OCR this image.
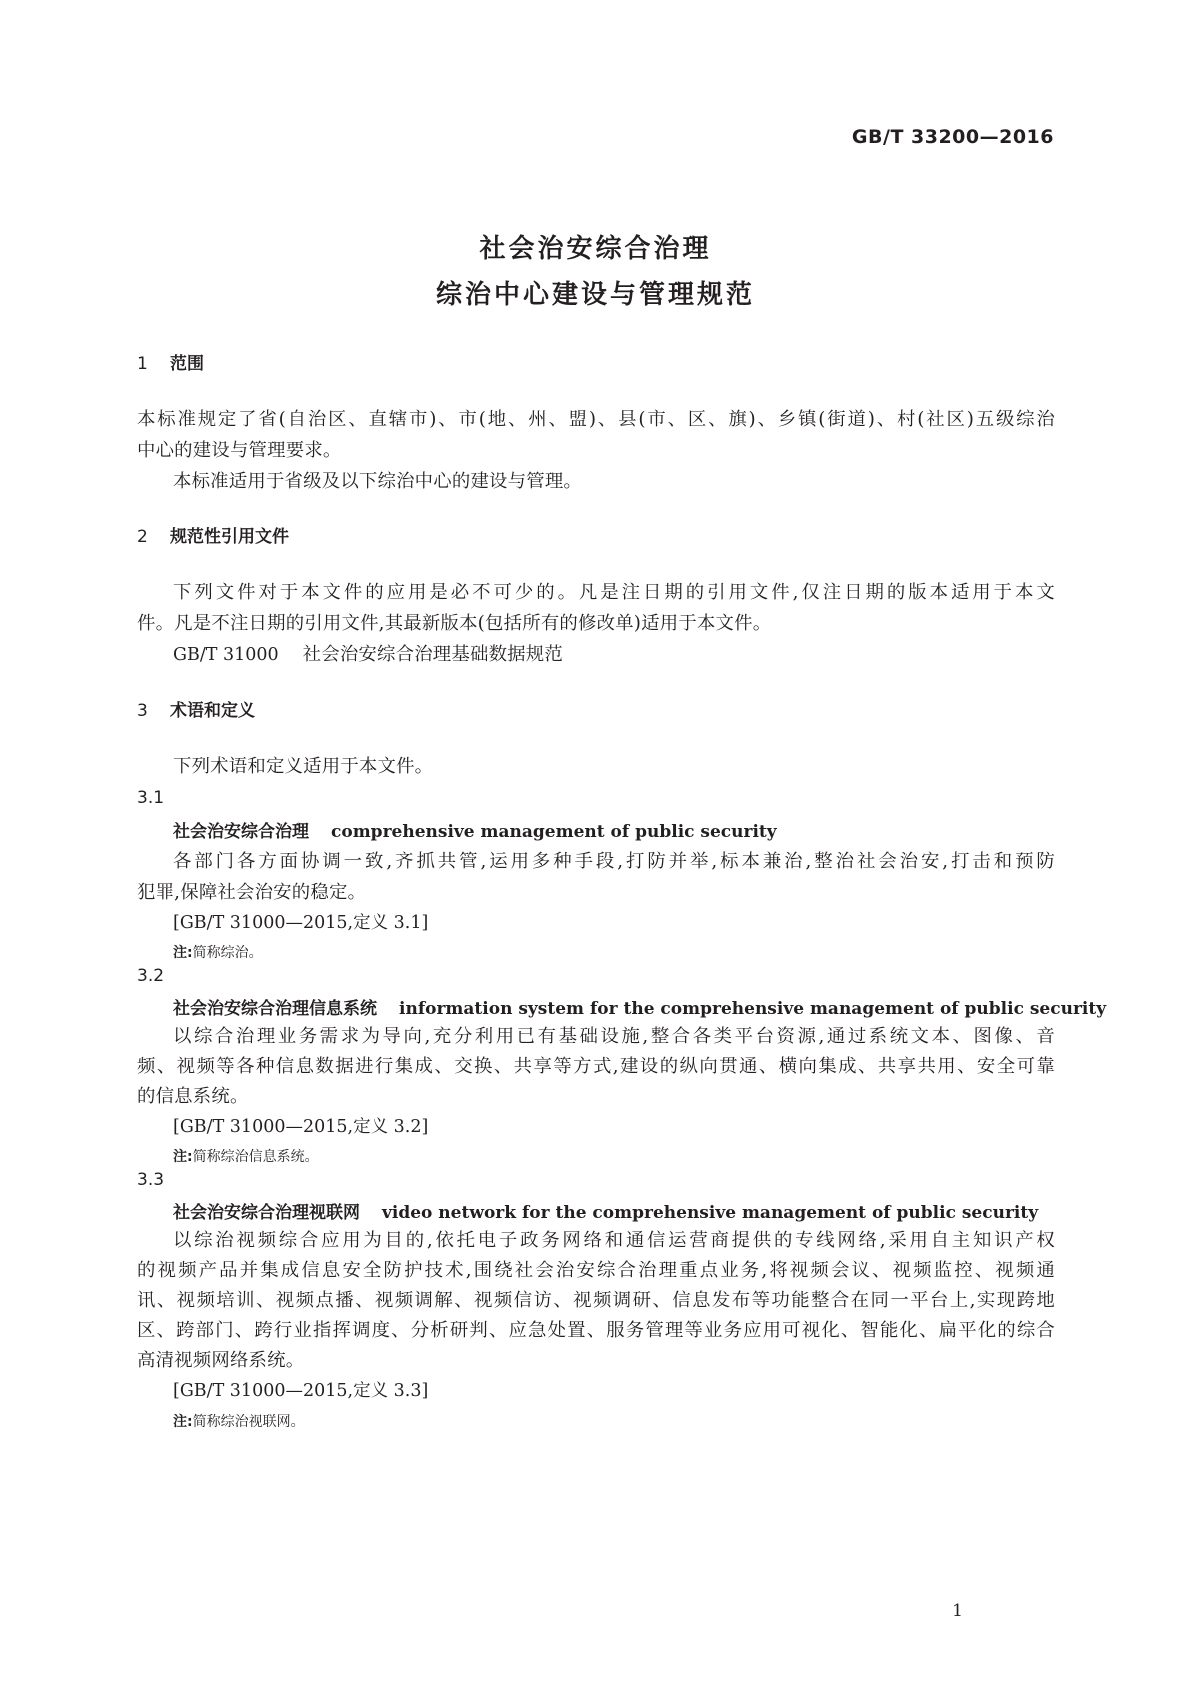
GB/T 33200—2016
社会治安综合治理
综治中心建设与管理规范
1 范围
本标准规定了省(自治区、直辖市)、市(地、州、盟)、县(市、区、旗)、乡镇(街道)、村(社区)五级综治
中心的建设与管理要求。
本标准适用于省级及以下综治中心的建设与管理。
2 规范性引用文件
下列文件对于本文件的应用是必不可少的。凡是注日期的引用文件,仅注日期的版本适用于本文
件。凡是不注日期的引用文件,其最新版本(包括所有的修改单)适用于本文件。
GB/T 31000 社会治安综合治理基础数据规范
3 术语和定义
下列术语和定义适用于本文件。
3.1
社会治安综合治理 comprehensive management of public security
各部门各方面协调一致,齐抓共管,运用多种手段,打防并举,标本兼治,整治社会治安,打击和预防
犯罪,保障社会治安的稳定。
[GB/T 31000—2015,定义 3.1]
注:简称综治。
3.2
社会治安综合治理信息系统 information system for the comprehensive management of public security
以综合治理业务需求为导向,充分利用已有基础设施,整合各类平台资源,通过系统文本、图像、音
频、视频等各种信息数据进行集成、交换、共享等方式,建设的纵向贯通、横向集成、共享共用、安全可靠
的信息系统。
[GB/T 31000—2015,定义 3.2]
注:简称综治信息系统。
3.3
社会治安综合治理视联网 video network for the comprehensive management of public security
以综治视频综合应用为目的,依托电子政务网络和通信运营商提供的专线网络,采用自主知识产权
的视频产品并集成信息安全防护技术,围绕社会治安综合治理重点业务,将视频会议、视频监控、视频通
讯、视频培训、视频点播、视频调解、视频信访、视频调研、信息发布等功能整合在同一平台上,实现跨地
区、跨部门、跨行业指挥调度、分析研判、应急处置、服务管理等业务应用可视化、智能化、扁平化的综合
高清视频网络系统。
[GB/T 31000—2015,定义 3.3]
注:简称综治视联网。
1
